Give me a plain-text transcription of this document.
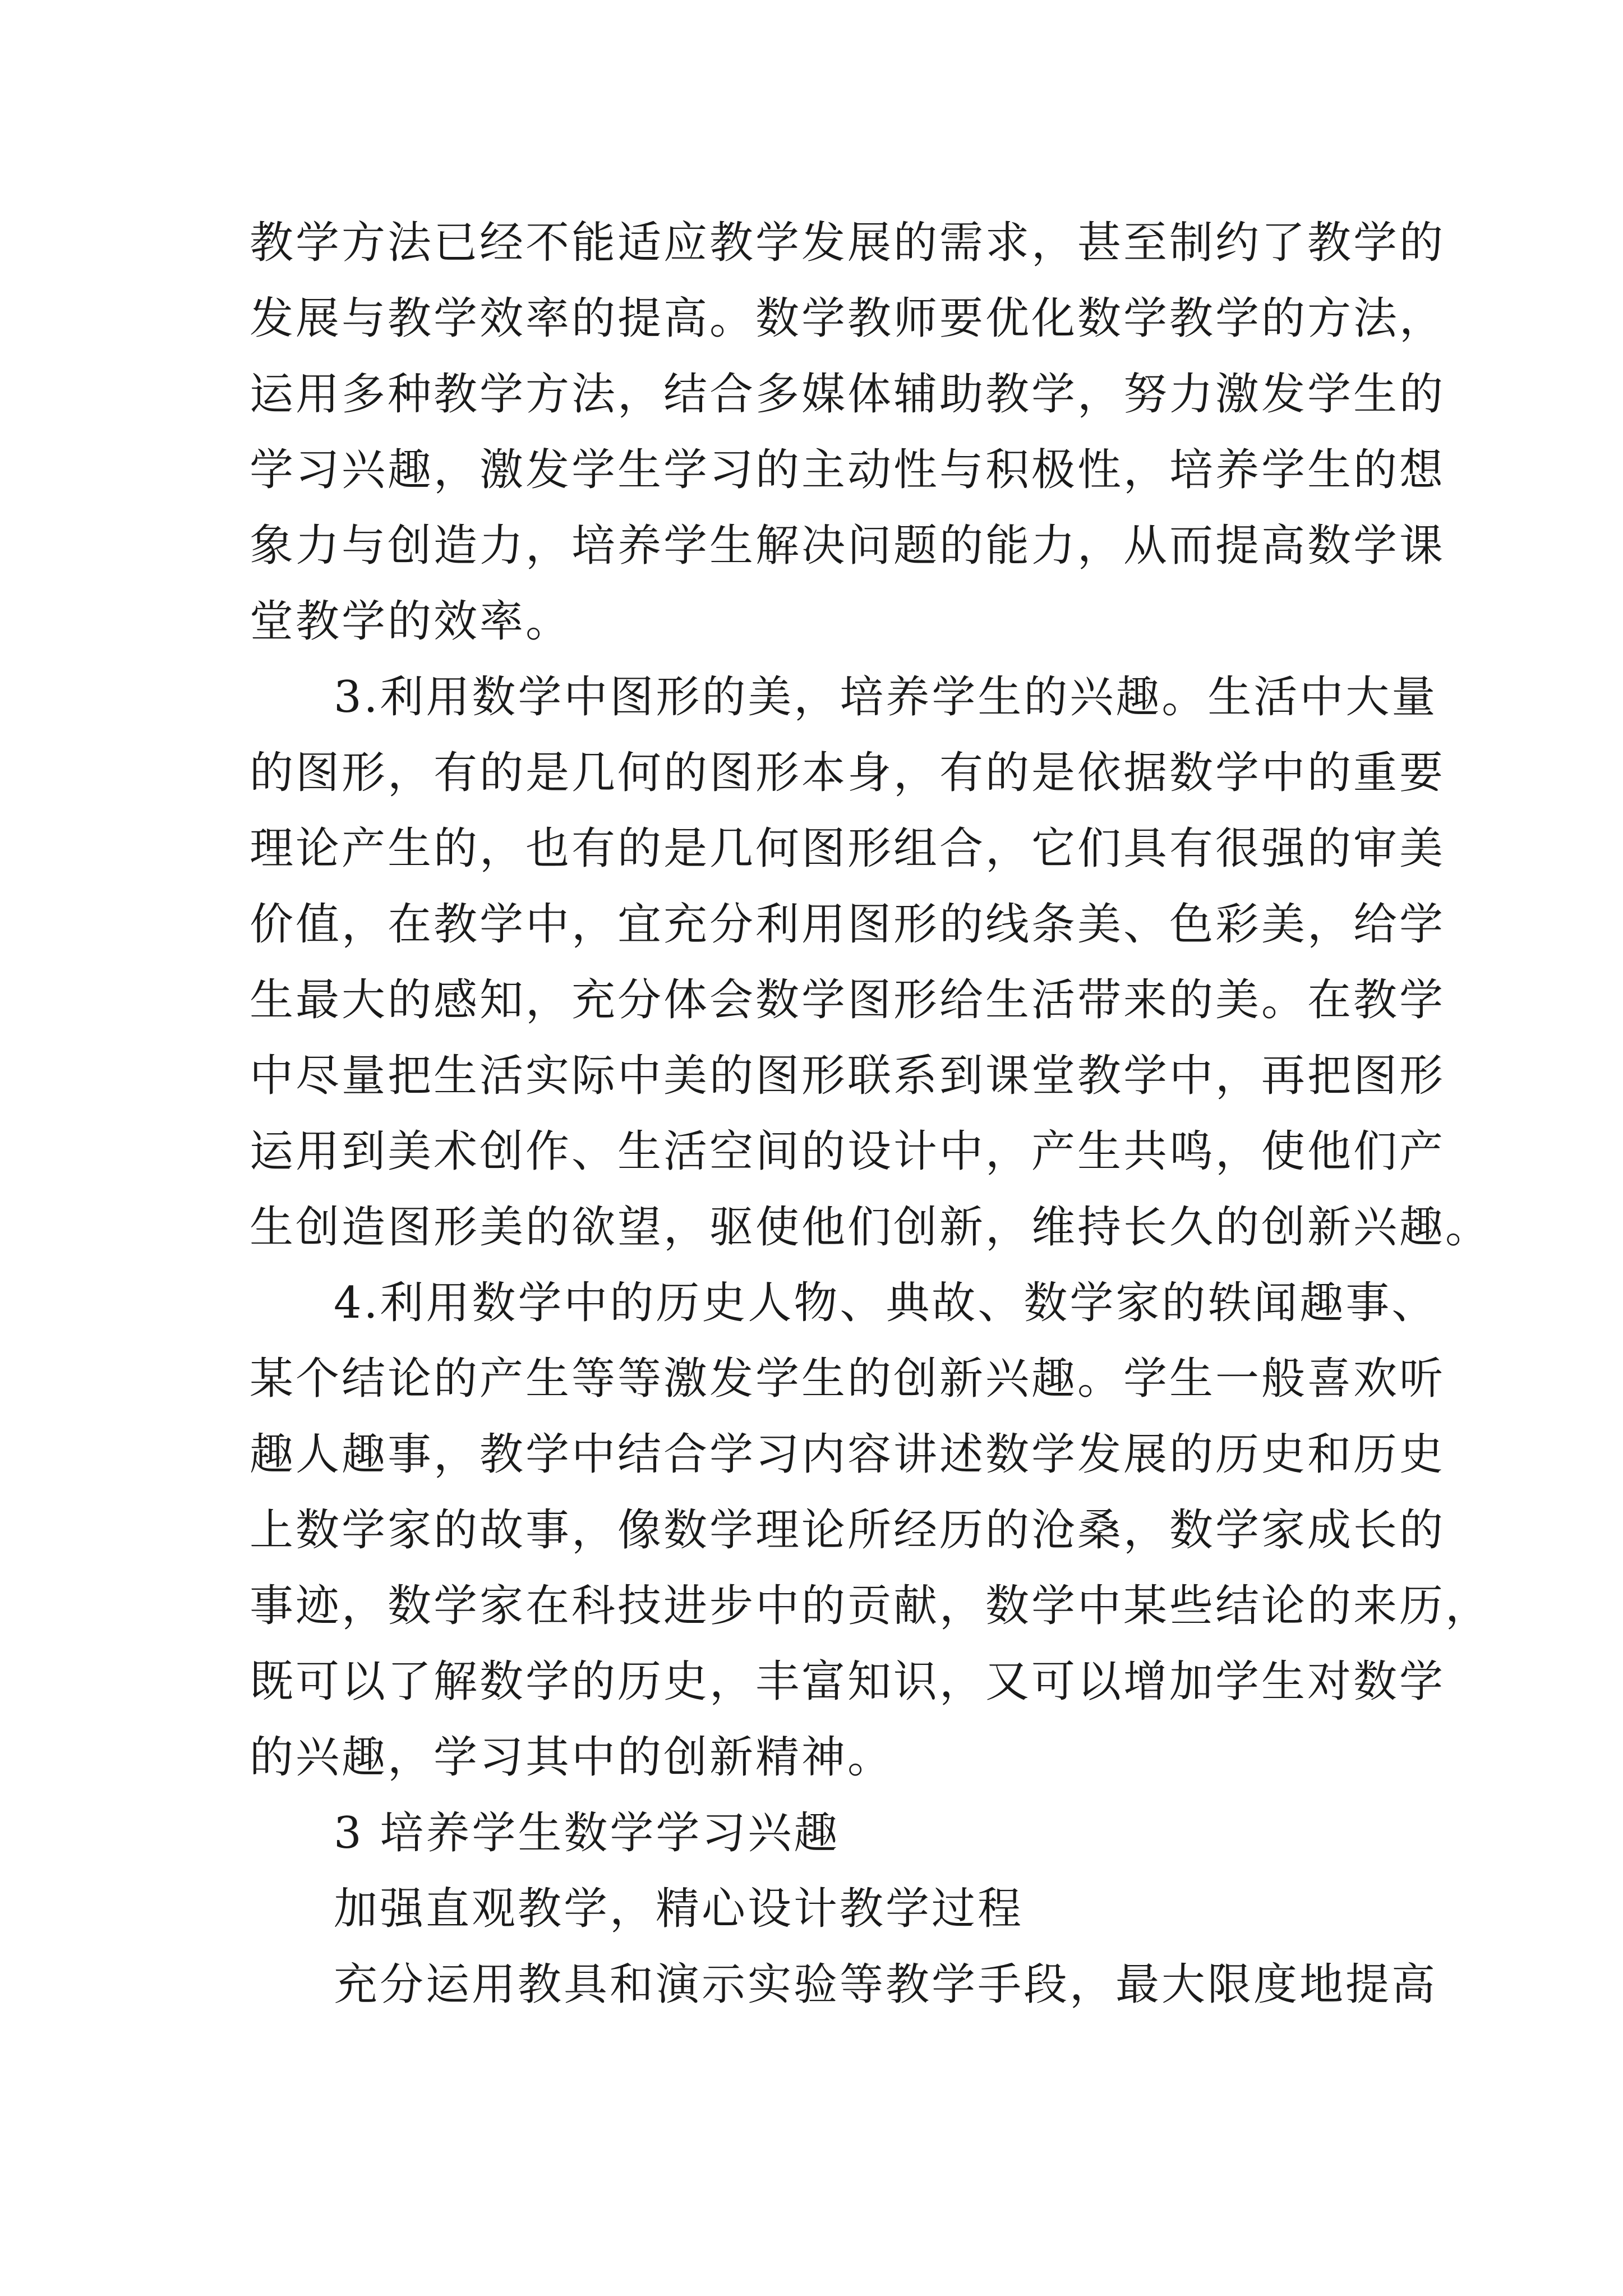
教学方法已经不能适应教学发展的需求，甚至制约了教学的
发展与教学效率的提高。数学教师要优化数学教学的方法，
运用多种教学方法，结合多媒体辅助教学，努力激发学生的
学习兴趣，激发学生学习的主动性与积极性，培养学生的想
象力与创造力，培养学生解决问题的能力，从而提高数学课
堂教学的效率。
3.利用数学中图形的美，培养学生的兴趣。生活中大量
的图形，有的是几何的图形本身，有的是依据数学中的重要
理论产生的，也有的是几何图形组合，它们具有很强的审美
价值，在教学中，宜充分利用图形的线条美、色彩美，给学
生最大的感知，充分体会数学图形给生活带来的美。在教学
中尽量把生活实际中美的图形联系到课堂教学中，再把图形
运用到美术创作、生活空间的设计中，产生共鸣，使他们产
生创造图形美的欲望，驱使他们创新，维持长久的创新兴趣。
4.利用数学中的历史人物、典故、数学家的轶闻趣事、
某个结论的产生等等激发学生的创新兴趣。学生一般喜欢听
趣人趣事，教学中结合学习内容讲述数学发展的历史和历史
上数学家的故事，像数学理论所经历的沧桑，数学家成长的
事迹，数学家在科技进步中的贡献，数学中某些结论的来历，
既可以了解数学的历史，丰富知识，又可以增加学生对数学
的兴趣，学习其中的创新精神。
3 培养学生数学学习兴趣
加强直观教学，精心设计教学过程
充分运用教具和演示实验等教学手段，最大限度地提高
